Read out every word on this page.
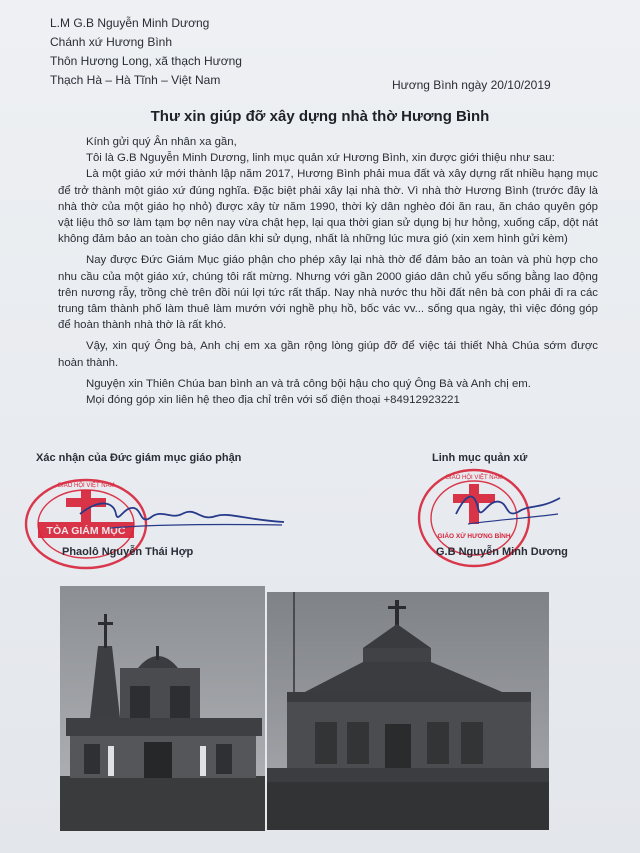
L.M G.B Nguyễn Minh Dương
Chánh xứ Hương Bình
Thôn Hương Long, xã thạch Hương
Thạch Hà – Hà Tĩnh – Việt Nam	Hương Bình ngày 20/10/2019
Thư xin giúp đỡ xây dựng nhà thờ Hương Bình

Kính gửi quý Ân nhân xa gần,

Tôi là G.B Nguyễn Minh Dương, linh mục quản xứ Hương Bình, xin được giới thiệu như sau:

Là một giáo xứ mới thành lập năm 2017, Hương Bình phải mua đất và xây dựng rất nhiều hạng mục để trở thành một giáo xứ đúng nghĩa. Đặc biệt phải xây lại nhà thờ. Vì nhà thờ Hương Bình (trước đây là nhà thờ của một giáo họ nhỏ) được xây từ năm 1990, thời kỳ dân nghèo đói ăn rau, ăn cháo quyên góp vật liệu thô sơ làm tạm bợ nên nay vừa chật hẹp, lại qua thời gian sử dụng bị hư hỏng, xuống cấp, dột nát không đảm bảo an toàn cho giáo dân khi sử dụng, nhất là những lúc mưa gió (xin xem hình gửi kèm)

Nay được Đức Giám Mục giáo phận cho phép xây lại nhà thờ để đảm bảo an toàn và phù hợp cho nhu cầu của một giáo xứ, chúng tôi rất mừng. Nhưng với gần 2000 giáo dân chủ yếu sống bằng lao động trên nương rẫy, trồng chè trên đồi núi lợi tức rất thấp. Nay nhà nước thu hồi đất nên bà con phải đi ra các trung tâm thành phố làm thuê làm mướn với nghề phụ hồ, bốc vác vv... sống qua ngày, thì việc đóng góp để hoàn thành nhà thờ là rất khó.

Vậy, xin quý Ông bà, Anh chị em xa gần rộng lòng giúp đỡ để việc tái thiết Nhà Chúa sớm được hoàn thành.

Nguyện xin Thiên Chúa ban bình an và trả công bội hậu cho quý Ông Bà và Anh chị em.

Mọi đóng góp xin liên hệ theo địa chỉ trên với số điện thoại +84912923221

Xác nhận của Đức giám mục giáo phận	Linh mục quản xứ
TÒA GIÁM MỤC
GIÁO HỘI VIỆT NAM
GIÁO XỨ HƯƠNG BÌNH
GIÁO HỘI VIỆT NAM
Phaolô Nguyễn Thái Hợp	G.B Nguyễn Minh Dương
